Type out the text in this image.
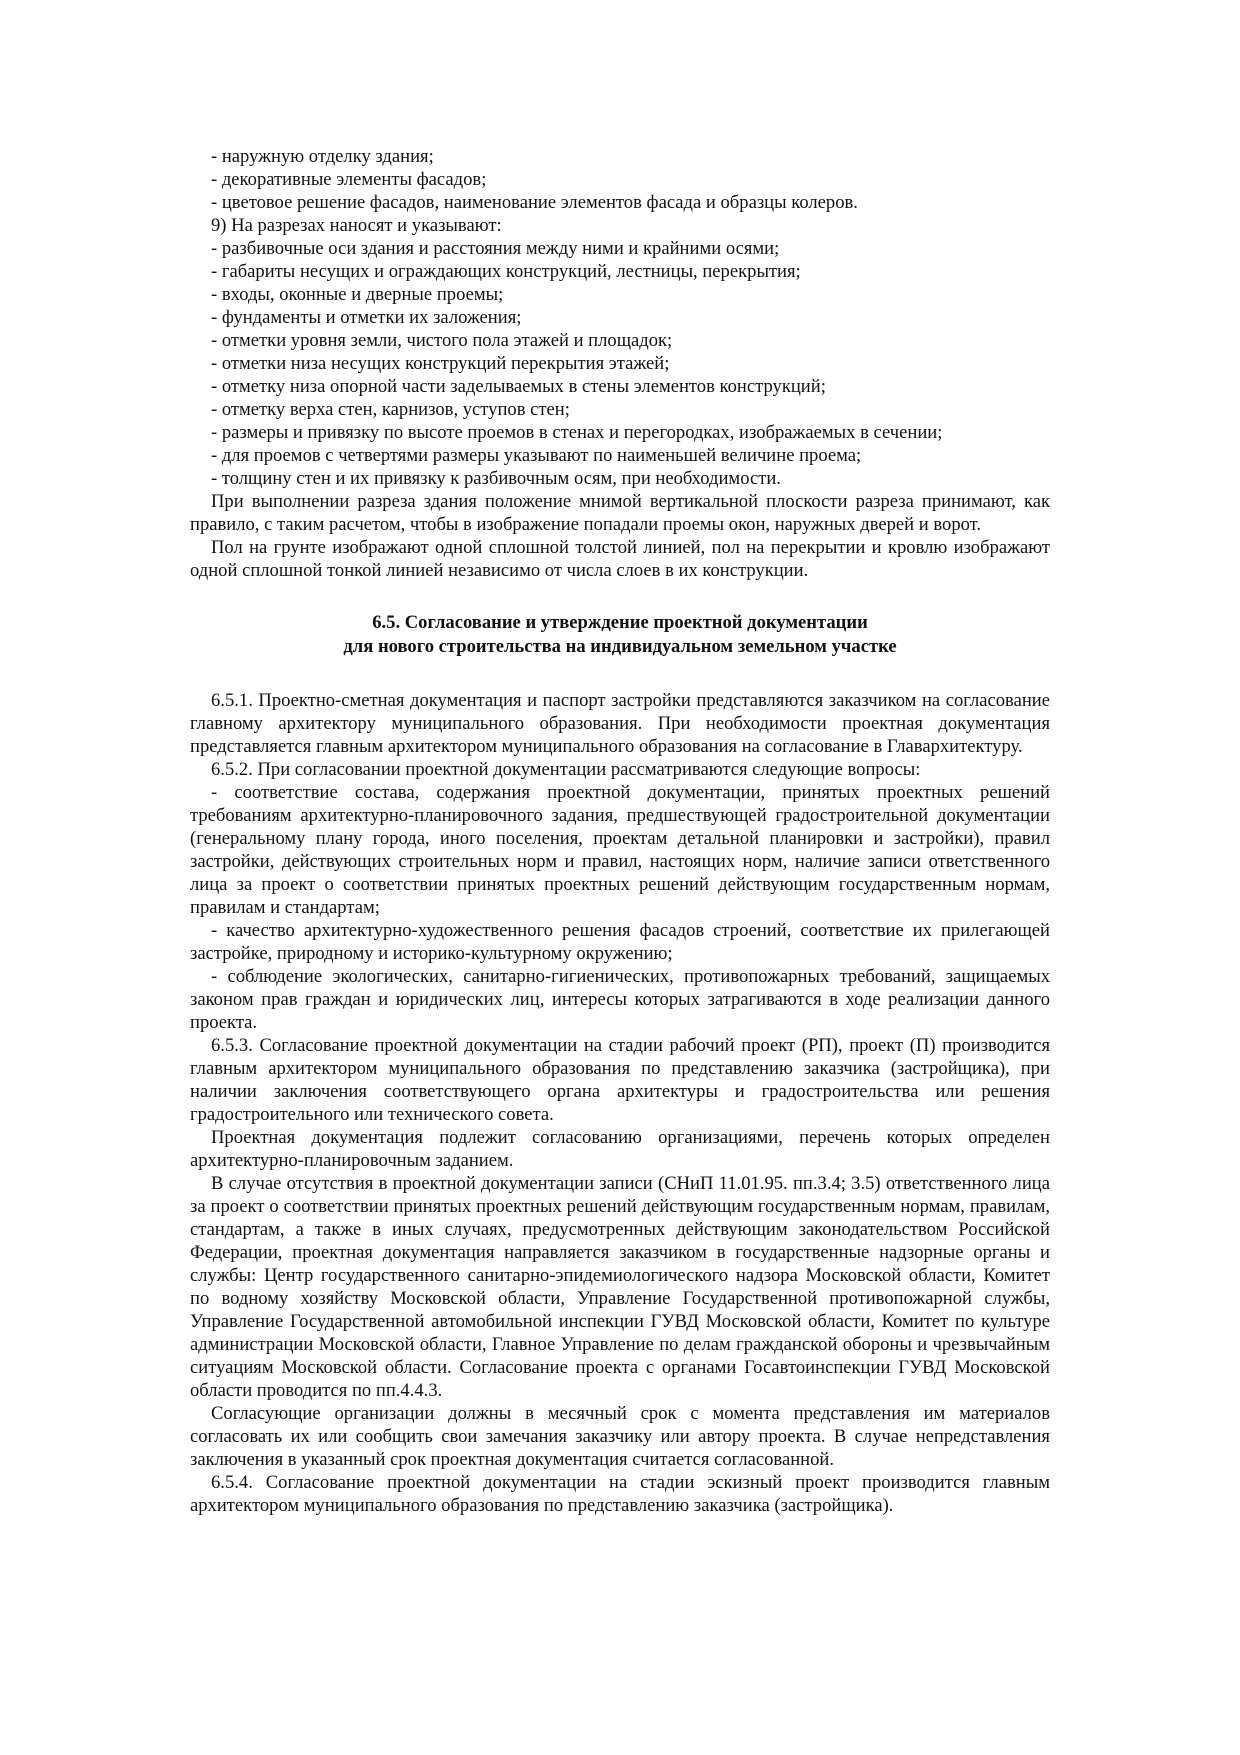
- наружную отделку здания;

- декоративные элементы фасадов;

- цветовое решение фасадов, наименование элементов фасада и образцы колеров.

9) На разрезах наносят и указывают:

- разбивочные оси здания и расстояния между ними и крайними осями;

- габариты несущих и ограждающих конструкций, лестницы, перекрытия;

- входы, оконные и дверные проемы;

- фундаменты и отметки их заложения;

- отметки уровня земли, чистого пола этажей и площадок;

- отметки низа несущих конструкций перекрытия этажей;

- отметку низа опорной части заделываемых в стены элементов конструкций;

- отметку верха стен, карнизов, уступов стен;

- размеры и привязку по высоте проемов в стенах и перегородках, изображаемых в сечении;

- для проемов с четвертями размеры указывают по наименьшей величине проема;

- толщину стен и их привязку к разбивочным осям, при необходимости.

При выполнении разреза здания положение мнимой вертикальной плоскости разреза принимают, как правило, с таким расчетом, чтобы в изображение попадали проемы окон, наружных дверей и ворот.

Пол на грунте изображают одной сплошной толстой линией, пол на перекрытии и кровлю изображают одной сплошной тонкой линией независимо от числа слоев в их конструкции.

6.5. Согласование и утверждение проектной документации
для нового строительства на индивидуальном земельном участке

6.5.1. Проектно-сметная документация и паспорт застройки представляются заказчиком на согласование главному архитектору муниципального образования. При необходимости проектная документация представляется главным архитектором муниципального образования на согласование в Главархитектуру.

6.5.2. При согласовании проектной документации рассматриваются следующие вопросы:

- соответствие состава, содержания проектной документации, принятых проектных решений требованиям архитектурно-планировочного задания, предшествующей градостроительной документации (генеральному плану города, иного поселения, проектам детальной планировки и застройки), правил застройки, действующих строительных норм и правил, настоящих норм, наличие записи ответственного лица за проект о соответствии принятых проектных решений действующим государственным нормам, правилам и стандартам;

- качество архитектурно-художественного решения фасадов строений, соответствие их прилегающей застройке, природному и историко-культурному окружению;

- соблюдение экологических, санитарно-гигиенических, противопожарных требований, защищаемых законом прав граждан и юридических лиц, интересы которых затрагиваются в ходе реализации данного проекта.

6.5.3. Согласование проектной документации на стадии рабочий проект (РП), проект (П) производится главным архитектором муниципального образования по представлению заказчика (застройщика), при наличии заключения соответствующего органа архитектуры и градостроительства или решения градостроительного или технического совета.

Проектная документация подлежит согласованию организациями, перечень которых определен архитектурно-планировочным заданием.

В случае отсутствия в проектной документации записи (СНиП 11.01.95. пп.3.4; 3.5) ответственного лица за проект о соответствии принятых проектных решений действующим государственным нормам, правилам, стандартам, а также в иных случаях, предусмотренных действующим законодательством Российской Федерации, проектная документация направляется заказчиком в государственные надзорные органы и службы: Центр государственного санитарно-эпидемиологического надзора Московской области, Комитет по водному хозяйству Московской области, Управление Государственной противопожарной службы, Управление Государственной автомобильной инспекции ГУВД Московской области, Комитет по культуре администрации Московской области, Главное Управление по делам гражданской обороны и чрезвычайным ситуациям Московской области. Согласование проекта с органами Госавтоинспекции ГУВД Московской области проводится по пп.4.4.3.

Согласующие организации должны в месячный срок с момента представления им материалов согласовать их или сообщить свои замечания заказчику или автору проекта. В случае непредставления заключения в указанный срок проектная документация считается согласованной.

6.5.4. Согласование проектной документации на стадии эскизный проект производится главным архитектором муниципального образования по представлению заказчика (застройщика).
